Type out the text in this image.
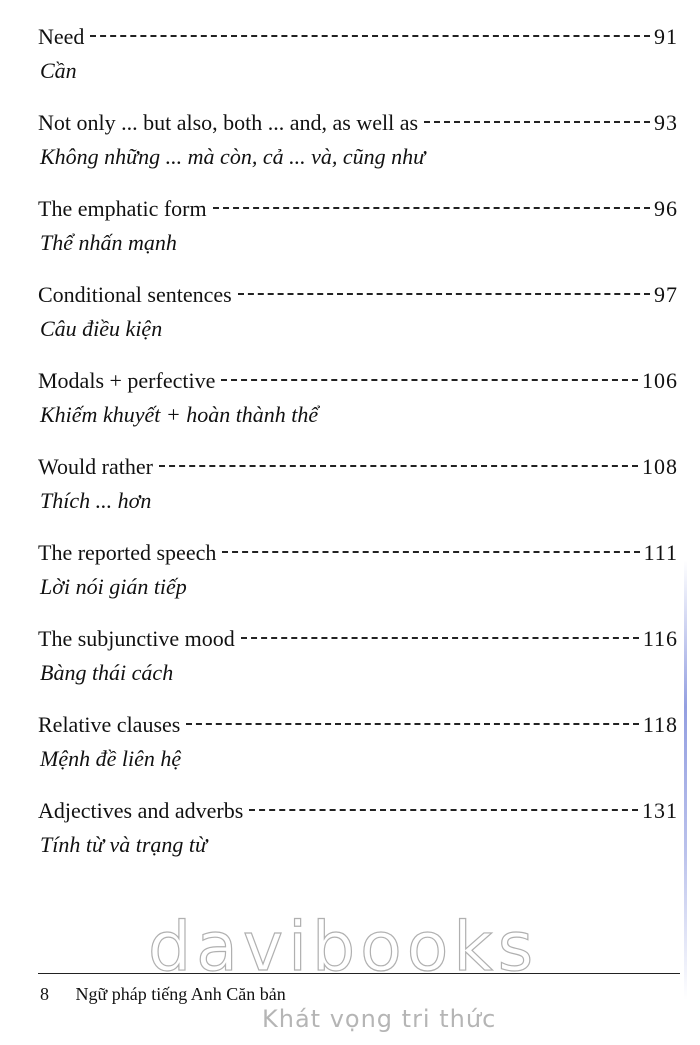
Need	91
Cần
Not only ... but also, both ... and, as well as	93
Không những ... mà còn, cả ... và, cũng như
The emphatic form	96
Thể nhấn mạnh
Conditional sentences	97
Câu điều kiện
Modals + perfective	106
Khiếm khuyết + hoàn thành thể
Would rather	108
Thích ... hơn
The reported speech	111
Lời nói gián tiếp
The subjunctive mood	116
Bàng thái cách
Relative clauses	118
Mệnh đề liên hệ
Adjectives and adverbs	131
Tính từ và trạng từ
davibooks
8 Ngữ pháp tiếng Anh Căn bản
Khát vọng tri thức
